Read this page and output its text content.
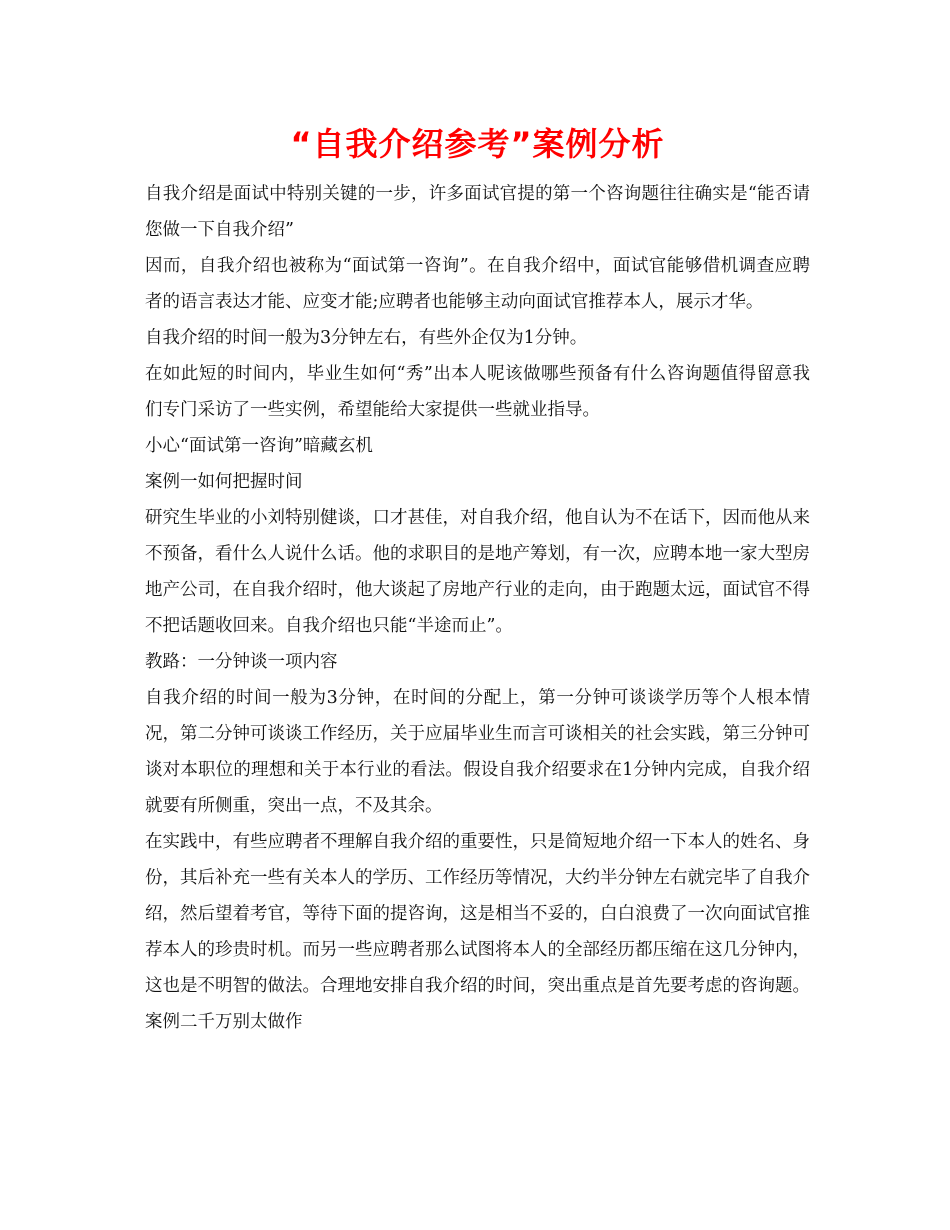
“自我介绍参考”案例分析

自我介绍是面试中特别关键的一步，许多面试官提的第一个咨询题往往确实是“能否请您做一下自我介绍”

因而，自我介绍也被称为“面试第一咨询”。在自我介绍中，面试官能够借机调查应聘者的语言表达才能、应变才能;应聘者也能够主动向面试官推荐本人，展示才华。

自我介绍的时间一般为3分钟左右，有些外企仅为1分钟。

在如此短的时间内，毕业生如何“秀”出本人呢该做哪些预备有什么咨询题值得留意我们专门采访了一些实例，希望能给大家提供一些就业指导。

小心“面试第一咨询”暗藏玄机

案例一如何把握时间

研究生毕业的小刘特别健谈，口才甚佳，对自我介绍，他自认为不在话下，因而他从来不预备，看什么人说什么话。他的求职目的是地产筹划，有一次，应聘本地一家大型房地产公司，在自我介绍时，他大谈起了房地产行业的走向，由于跑题太远，面试官不得不把话题收回来。自我介绍也只能“半途而止”。

教路：一分钟谈一项内容

自我介绍的时间一般为3分钟，在时间的分配上，第一分钟可谈谈学历等个人根本情况，第二分钟可谈谈工作经历，关于应届毕业生而言可谈相关的社会实践，第三分钟可谈对本职位的理想和关于本行业的看法。假设自我介绍要求在1分钟内完成，自我介绍就要有所侧重，突出一点，不及其余。

在实践中，有些应聘者不理解自我介绍的重要性，只是简短地介绍一下本人的姓名、身份，其后补充一些有关本人的学历、工作经历等情况，大约半分钟左右就完毕了自我介绍，然后望着考官，等待下面的提咨询，这是相当不妥的，白白浪费了一次向面试官推荐本人的珍贵时机。而另一些应聘者那么试图将本人的全部经历都压缩在这几分钟内，这也是不明智的做法。合理地安排自我介绍的时间，突出重点是首先要考虑的咨询题。

案例二千万别太做作
